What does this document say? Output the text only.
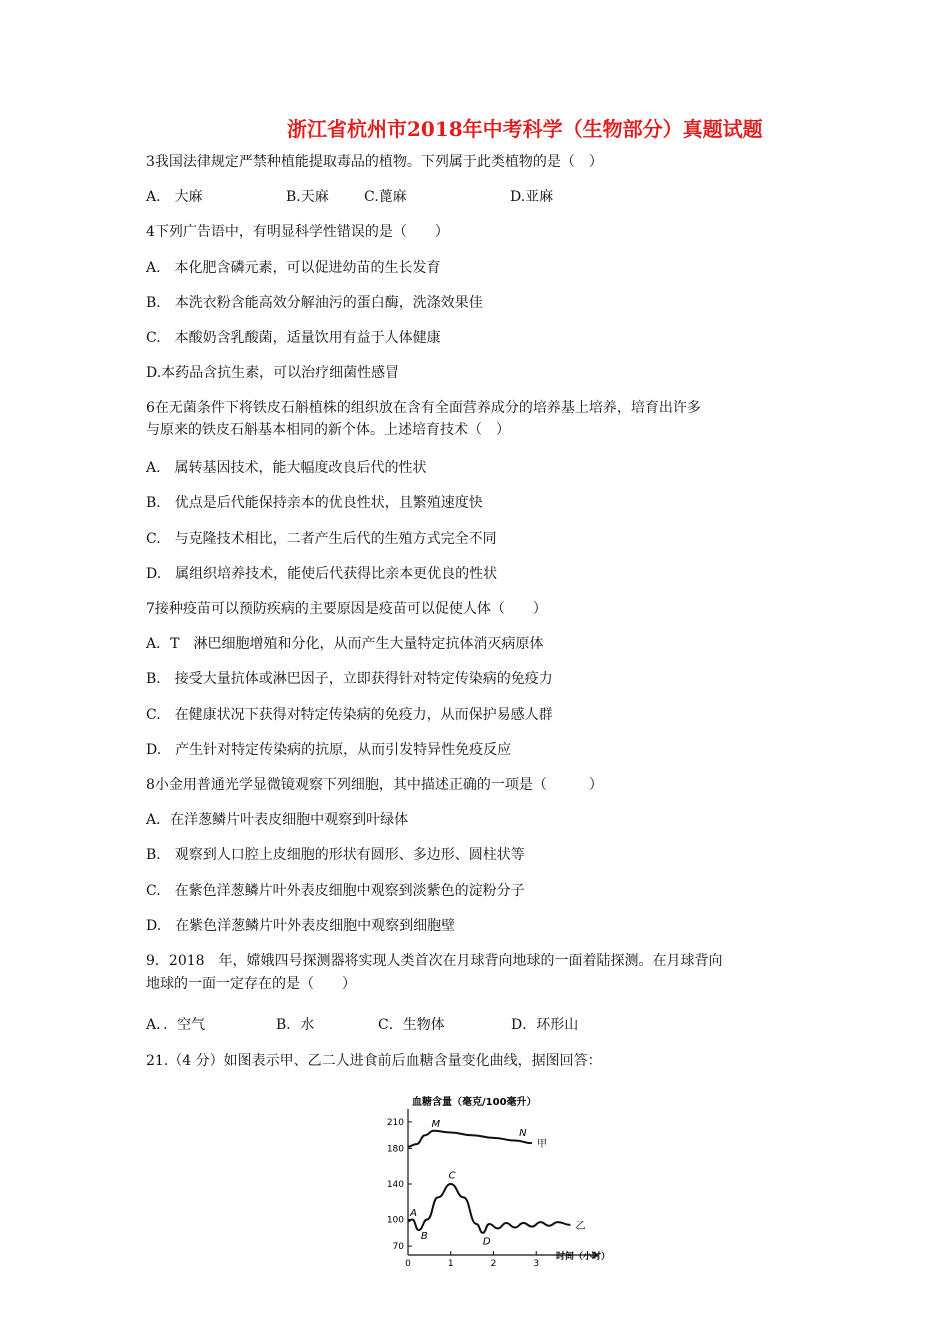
浙江省杭州市2018年中考科学（生物部分）真题试题
3我国法律规定严禁种植能提取毒品的植物。下列属于此类植物的是（　）
A.　大麻	B.天麻	C.蓖麻	D.亚麻
4下列广告语中，有明显科学性错误的是（　　）
A.　本化肥含磷元素，可以促进幼苗的生长发育
B.　本洗衣粉含能高效分解油污的蛋白酶，洗涤效果佳
C.　本酸奶含乳酸菌，适量饮用有益于人体健康
D.本药品含抗生素，可以治疗细菌性感冒
6在无菌条件下将铁皮石斛植株的组织放在含有全面营养成分的培养基上培养，培育出许多
与原来的铁皮石斛基本相同的新个体。上述培育技术（　）
A.　属转基因技术，能大幅度改良后代的性状
B.　优点是后代能保持亲本的优良性状，且繁殖速度快
C.　与克隆技术相比，二者产生后代的生殖方式完全不同
D.　属组织培养技术，能使后代获得比亲本更优良的性状
7接种疫苗可以预防疾病的主要原因是疫苗可以促使人体（　　）
A．T　淋巴细胞增殖和分化，从而产生大量特定抗体消灭病原体
B.　接受大量抗体或淋巴因子，立即获得针对特定传染病的免疫力
C.　在健康状况下获得对特定传染病的免疫力，从而保护易感人群
D.　产生针对特定传染病的抗原，从而引发特异性免疫反应
8小金用普通光学显微镜观察下列细胞，其中描述正确的一项是（　　　）
A．在洋葱鳞片叶表皮细胞中观察到叶绿体
B.　观察到人口腔上皮细胞的形状有圆形、多边形、圆柱状等
C.　在紫色洋葱鳞片叶外表皮细胞中观察到淡紫色的淀粉分子
D.　在紫色洋葱鳞片叶外表皮细胞中观察到细胞壁
9．2018　年，嫦娥四号探测器将实现人类首次在月球背向地球的一面着陆探测。在月球背向
地球的一面一定存在的是（　　）
A．．空气	B．水	C．生物体	D．环形山
21.（4 分）如图表示甲、乙二人进食前后血糖含量变化曲线，据图回答：
血糖含量（毫克/100毫升）
210
180
140
100
70
0	1	2	3
甲
乙
M
N
A
B
C
D
时间（小时）
